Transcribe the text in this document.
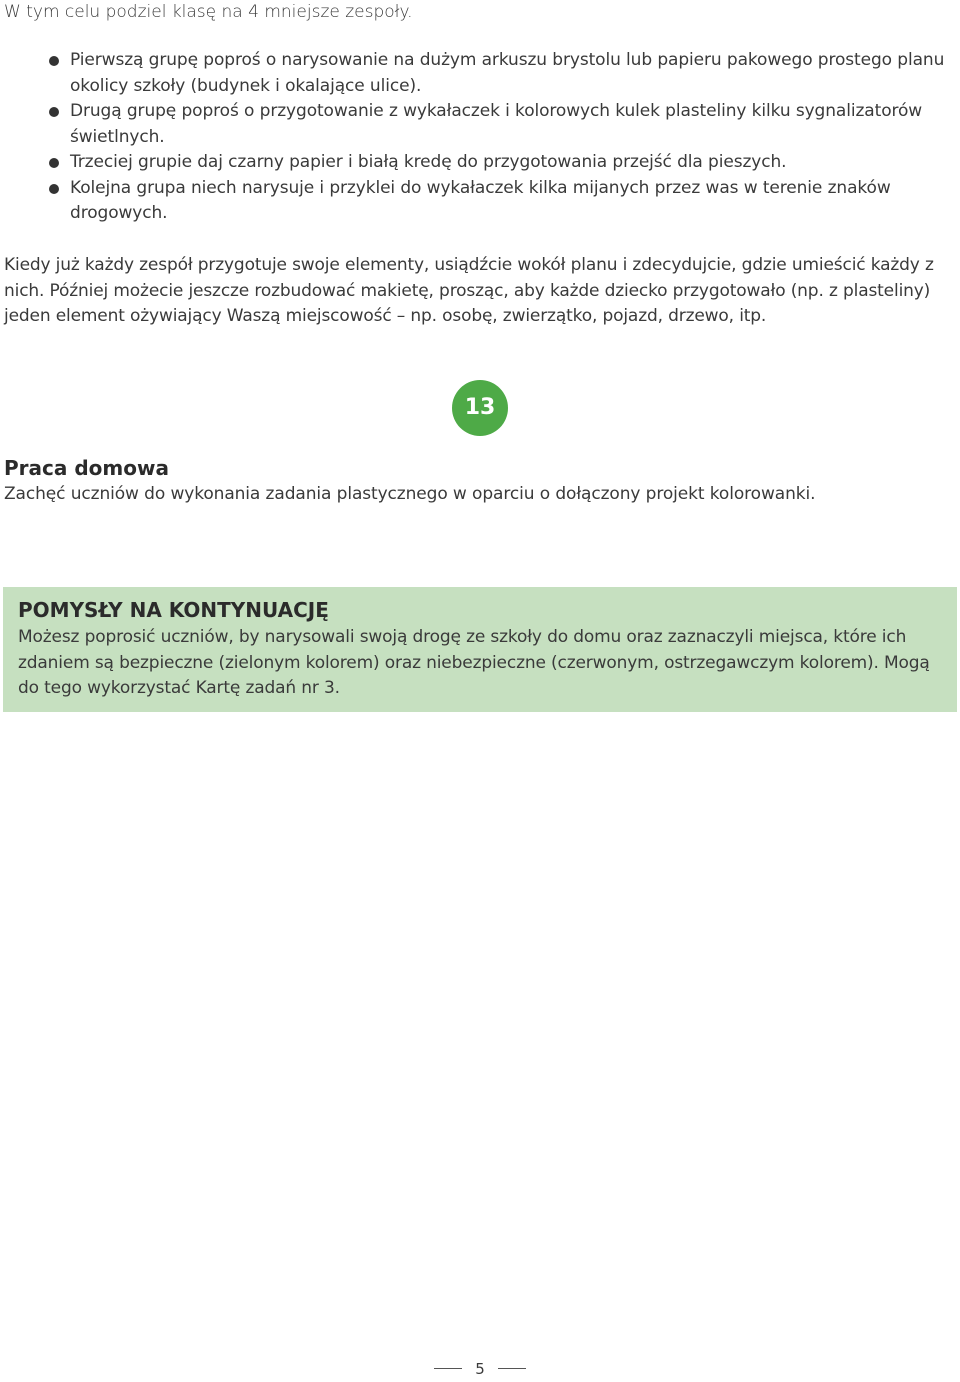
W tym celu podziel klasę na 4 mniejsze zespoły.

Pierwszą grupę poproś o narysowanie na dużym arkuszu brystolu lub papieru pakowego prostego planu okolicy szkoły (budynek i okalające ulice).
Drugą grupę poproś o przygotowanie z wykałaczek i kolorowych kulek plasteliny kilku sygnalizatorów świetlnych.
Trzeciej grupie daj czarny papier i białą kredę do przygotowania przejść dla pieszych.
Kolejna grupa niech narysuje i przyklei do wykałaczek kilka mijanych przez was w terenie znaków drogowych.

Kiedy już każdy zespół przygotuje swoje elementy, usiądźcie wokół planu i zdecydujcie, gdzie umieścić każdy z nich. Później możecie jeszcze rozbudować makietę, prosząc, aby każde dziecko przygotowało (np. z plasteliny) jeden element ożywiający Waszą miejscowość – np. osobę, zwierzątko, pojazd, drzewo, itp.

13
Praca domowa

Zachęć uczniów do wykonania zadania plastycznego w oparciu o dołączony projekt kolorowanki.

POMYSŁY NA KONTYNUACJĘ

Możesz poprosić uczniów, by narysowali swoją drogę ze szkoły do domu oraz zaznaczyli miejsca, które ich zdaniem są bezpieczne (zielonym kolorem) oraz niebezpieczne (czerwonym, ostrzegawczym kolorem). Mogą do tego wykorzystać Kartę zadań nr 3.

5
